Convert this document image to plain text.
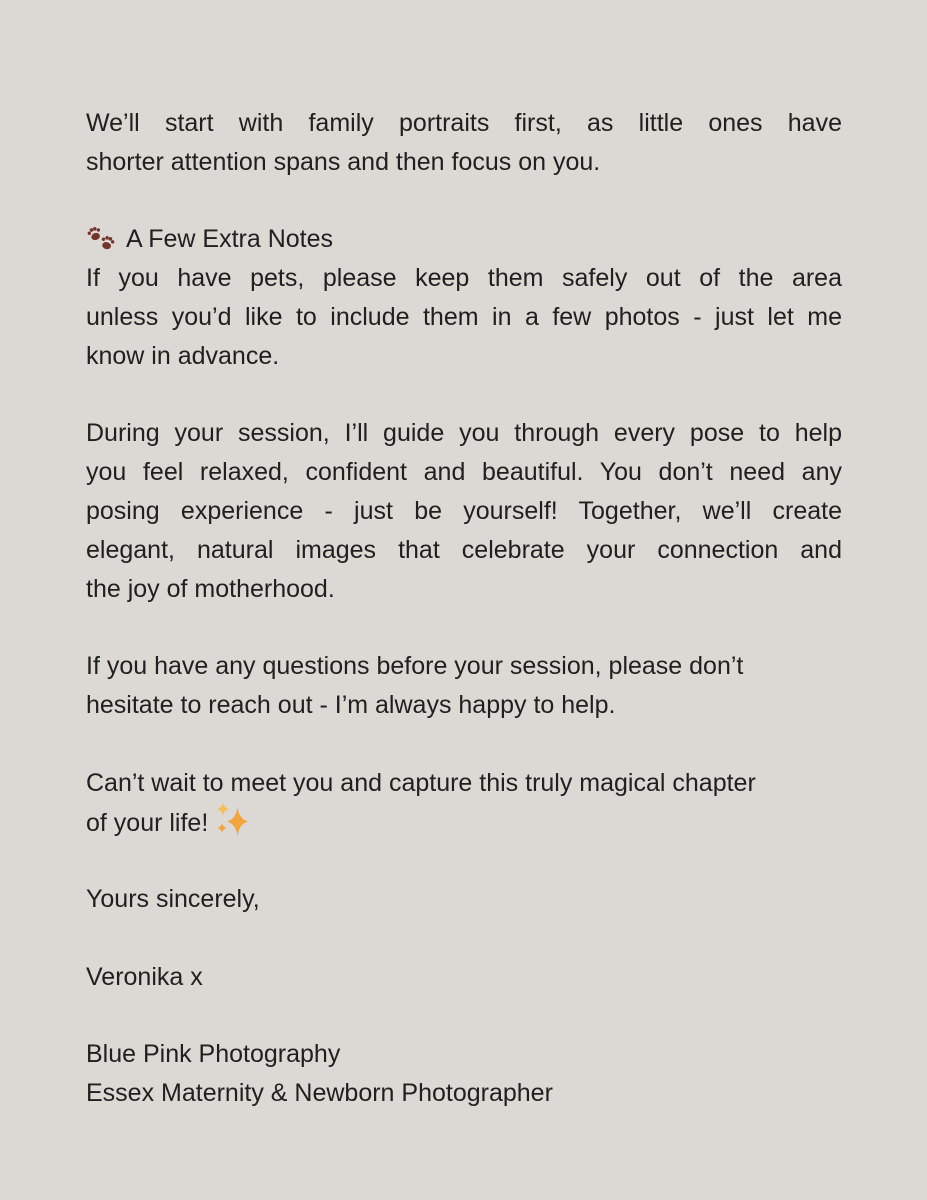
We’ll start with family portraits first, as little ones have
shorter attention spans and then focus on you.
A Few Extra Notes
If you have pets, please keep them safely out of the area
unless you’d like to include them in a few photos - just let me
know in advance.
During your session, I’ll guide you through every pose to help
you feel relaxed, confident and beautiful. You don’t need any
posing experience - just be yourself! Together, we’ll create
elegant, natural images that celebrate your connection and
the joy of motherhood.
If you have any questions before your session, please don’t
hesitate to reach out - I’m always happy to help.
Can’t wait to meet you and capture this truly magical chapter
of your life!
Yours sincerely,
Veronika x
Blue Pink Photography
Essex Maternity & Newborn Photographer
